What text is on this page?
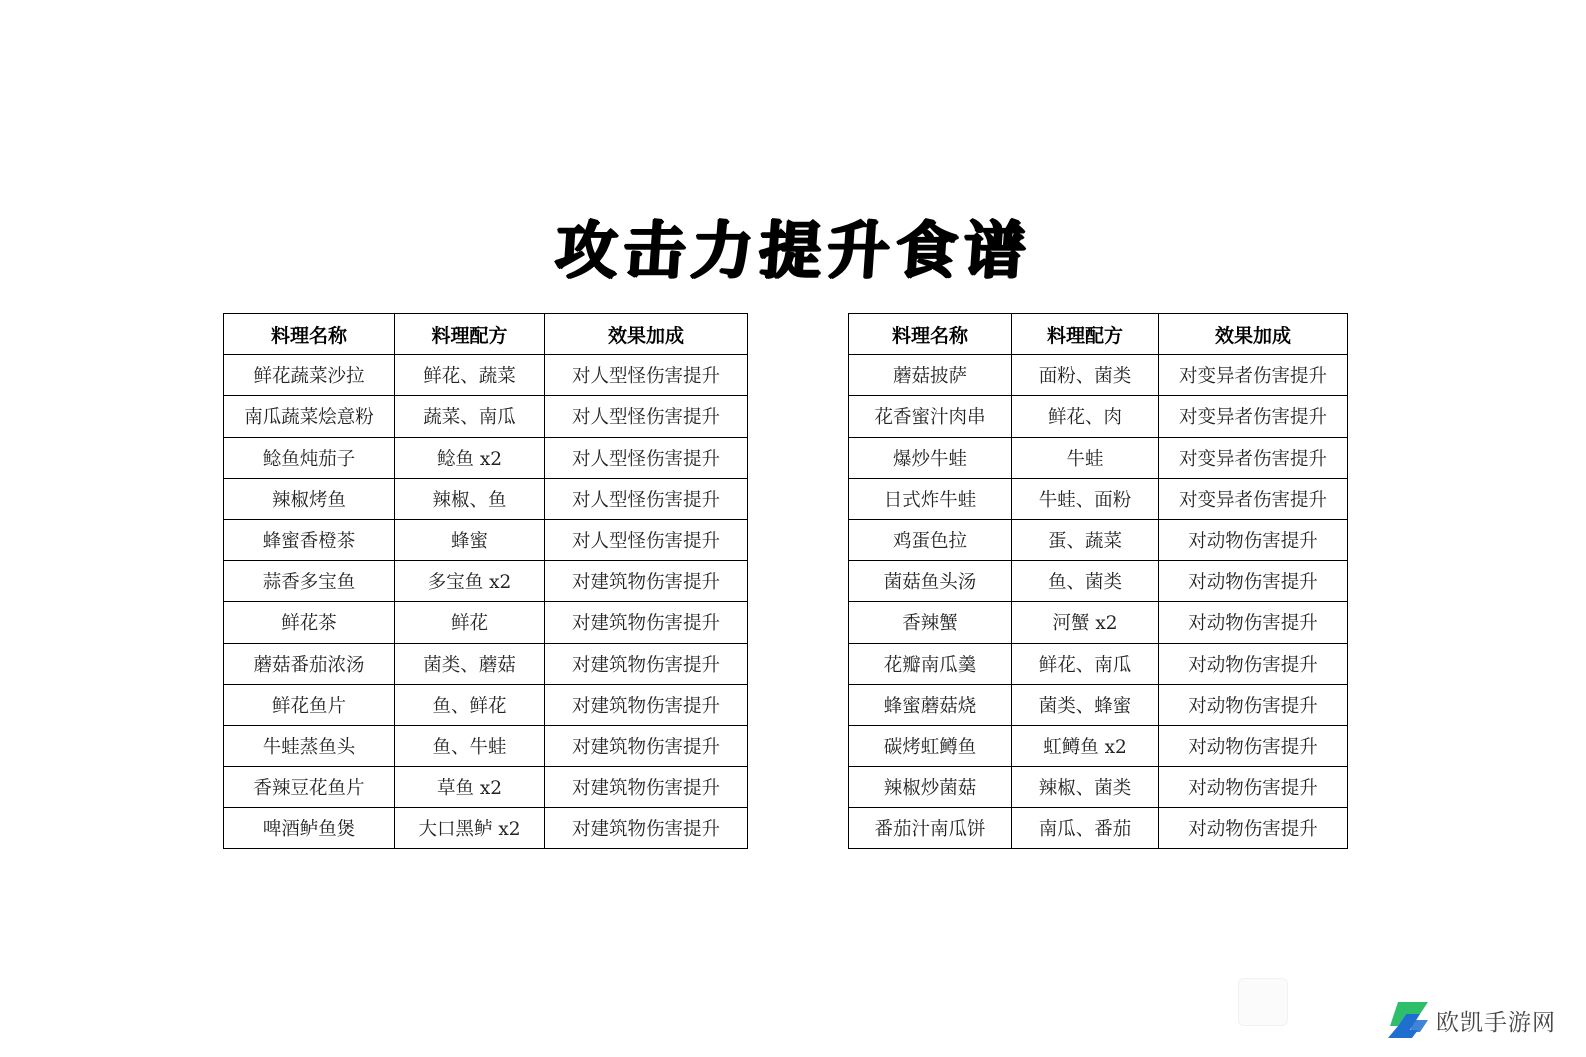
攻击力提升食谱
料理名称	料理配方	效果加成
鲜花蔬菜沙拉	鲜花、蔬菜	对人型怪伤害提升
南瓜蔬菜烩意粉	蔬菜、南瓜	对人型怪伤害提升
鲶鱼炖茄子	鲶鱼 x2	对人型怪伤害提升
辣椒烤鱼	辣椒、鱼	对人型怪伤害提升
蜂蜜香橙茶	蜂蜜	对人型怪伤害提升
蒜香多宝鱼	多宝鱼 x2	对建筑物伤害提升
鲜花茶	鲜花	对建筑物伤害提升
蘑菇番茄浓汤	菌类、蘑菇	对建筑物伤害提升
鲜花鱼片	鱼、鲜花	对建筑物伤害提升
牛蛙蒸鱼头	鱼、牛蛙	对建筑物伤害提升
香辣豆花鱼片	草鱼 x2	对建筑物伤害提升
啤酒鲈鱼煲	大口黑鲈 x2	对建筑物伤害提升
料理名称	料理配方	效果加成
蘑菇披萨	面粉、菌类	对变异者伤害提升
花香蜜汁肉串	鲜花、肉	对变异者伤害提升
爆炒牛蛙	牛蛙	对变异者伤害提升
日式炸牛蛙	牛蛙、面粉	对变异者伤害提升
鸡蛋色拉	蛋、蔬菜	对动物伤害提升
菌菇鱼头汤	鱼、菌类	对动物伤害提升
香辣蟹	河蟹 x2	对动物伤害提升
花瓣南瓜羹	鲜花、南瓜	对动物伤害提升
蜂蜜蘑菇烧	菌类、蜂蜜	对动物伤害提升
碳烤虹鳟鱼	虹鳟鱼 x2	对动物伤害提升
辣椒炒菌菇	辣椒、菌类	对动物伤害提升
番茄汁南瓜饼	南瓜、番茄	对动物伤害提升
欧凯手游网
